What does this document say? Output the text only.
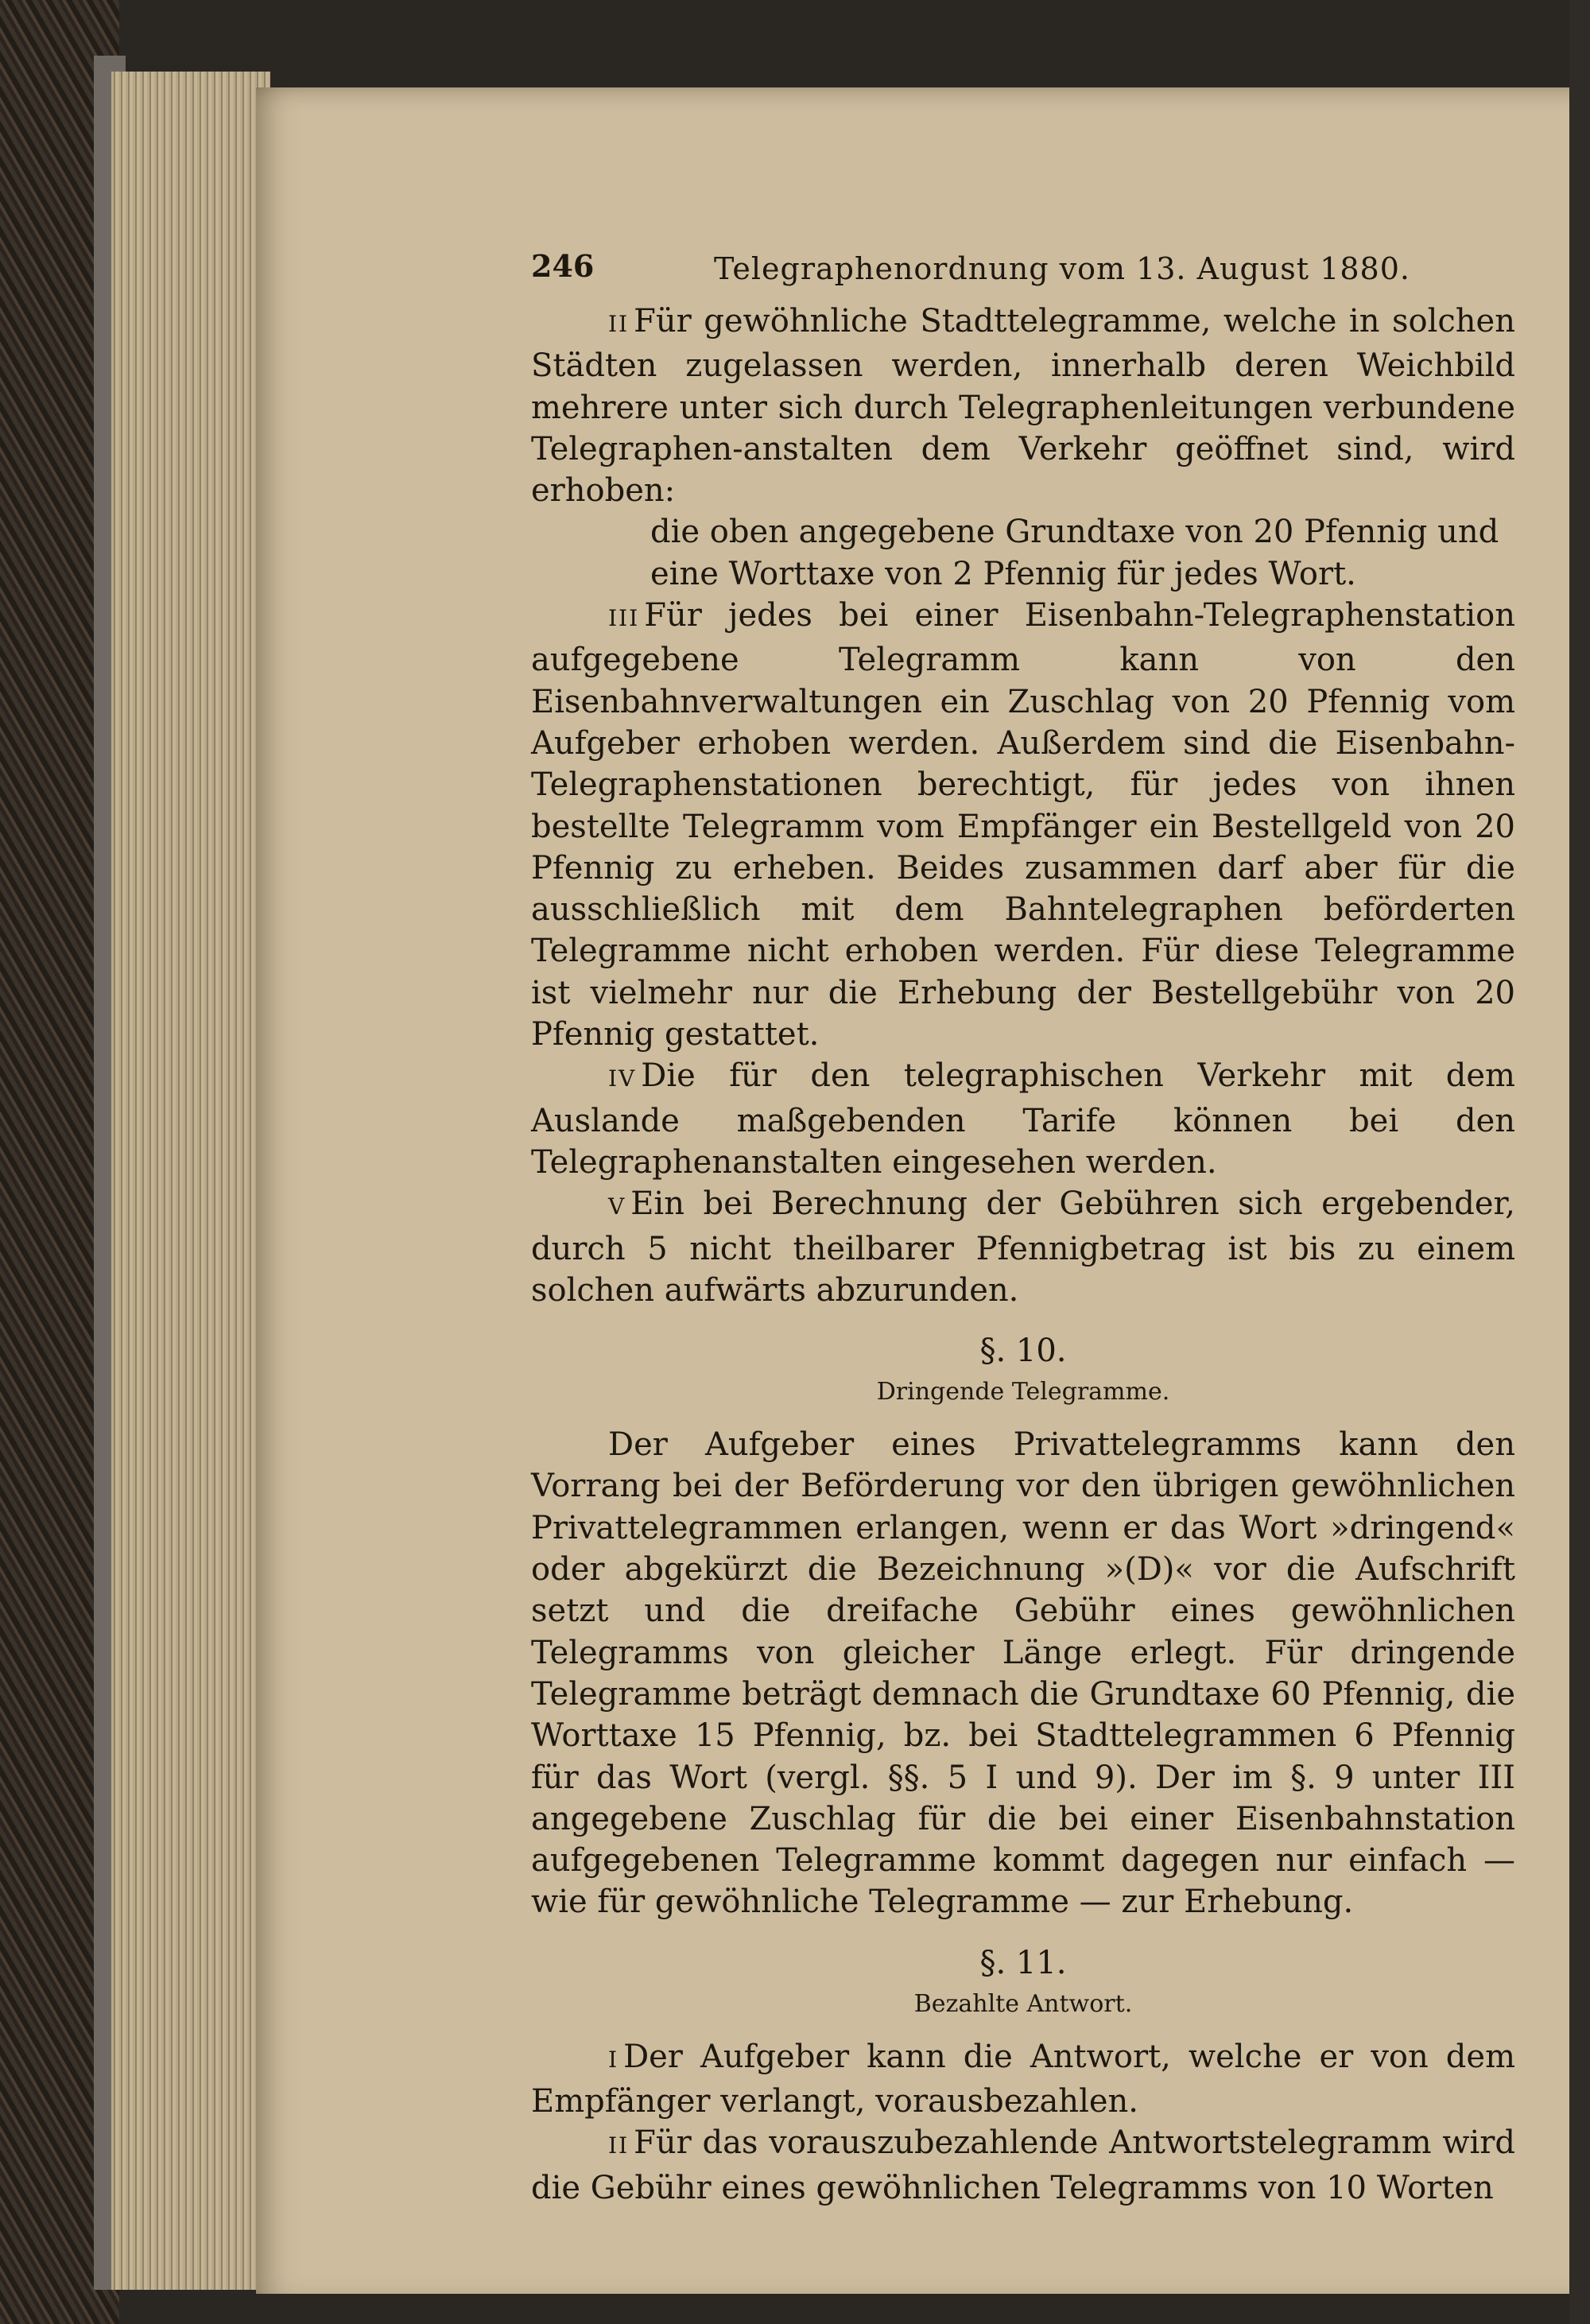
246	Telegraphenordnung vom 13. August 1880.

II Für gewöhnliche Stadttelegramme, welche in solchen Städten zugelassen werden, innerhalb deren Weichbild mehrere unter sich durch Telegraphenleitungen verbundene Telegraphen-anstalten dem Verkehr geöffnet sind, wird erhoben:

die oben angegebene Grundtaxe von 20 Pfennig und eine Worttaxe von 2 Pfennig für jedes Wort.

III Für jedes bei einer Eisenbahn-Telegraphenstation aufgegebene Telegramm kann von den Eisenbahnverwaltungen ein Zuschlag von 20 Pfennig vom Aufgeber erhoben werden. Außerdem sind die Eisenbahn-Telegraphenstationen berechtigt, für jedes von ihnen bestellte Telegramm vom Empfänger ein Bestellgeld von 20 Pfennig zu erheben. Beides zusammen darf aber für die ausschließlich mit dem Bahntelegraphen beförderten Telegramme nicht erhoben werden. Für diese Telegramme ist vielmehr nur die Erhebung der Bestellgebühr von 20 Pfennig gestattet.

IV Die für den telegraphischen Verkehr mit dem Auslande maßgebenden Tarife können bei den Telegraphenanstalten eingesehen werden.

V Ein bei Berechnung der Gebühren sich ergebender, durch 5 nicht theilbarer Pfennigbetrag ist bis zu einem solchen aufwärts abzurunden.

§. 10.
Dringende Telegramme.

Der Aufgeber eines Privattelegramms kann den Vorrang bei der Beförderung vor den übrigen gewöhnlichen Privattelegrammen erlangen, wenn er das Wort »dringend« oder abgekürzt die Bezeichnung »(D)« vor die Aufschrift setzt und die dreifache Gebühr eines gewöhnlichen Telegramms von gleicher Länge erlegt. Für dringende Telegramme beträgt demnach die Grundtaxe 60 Pfennig, die Worttaxe 15 Pfennig, bz. bei Stadttelegrammen 6 Pfennig für das Wort (vergl. §§. 5 I und 9). Der im §. 9 unter III angegebene Zuschlag für die bei einer Eisenbahnstation aufgegebenen Telegramme kommt dagegen nur einfach — wie für gewöhnliche Telegramme — zur Erhebung.

§. 11.
Bezahlte Antwort.

I Der Aufgeber kann die Antwort, welche er von dem Empfänger verlangt, vorausbezahlen.

II Für das vorauszubezahlende Antwortstelegramm wird die Gebühr eines gewöhnlichen Telegramms von 10 Worten
